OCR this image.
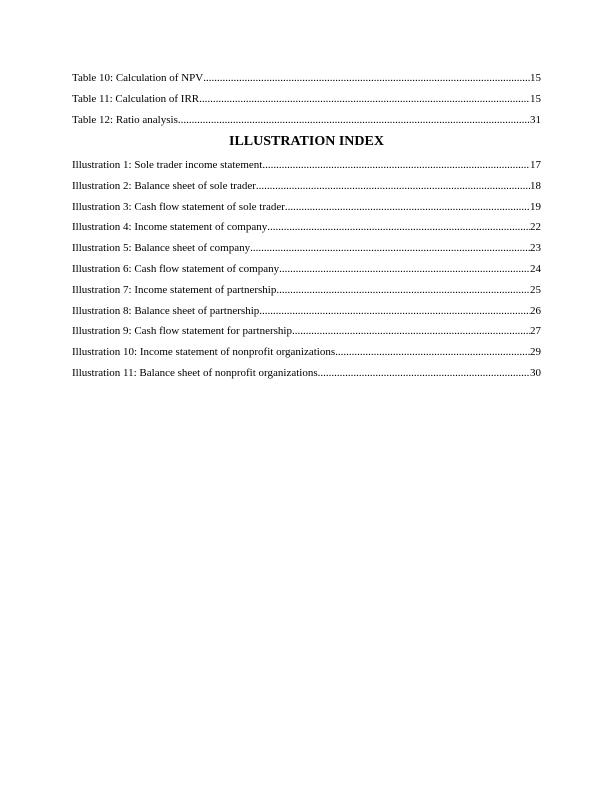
Table 10: Calculation of NPV .....	15
Table 11: Calculation of IRR .....	15
Table 12: Ratio analysis .....	31
ILLUSTRATION INDEX
Illustration 1: Sole trader income statement .....	17
Illustration 2: Balance sheet of sole trader .....	18
Illustration 3: Cash flow statement of sole trader .....	19
Illustration 4: Income statement of company .....	22
Illustration 5: Balance sheet of company .....	23
Illustration 6: Cash flow statement of company .....	24
Illustration 7: Income statement of partnership .....	25
Illustration 8: Balance sheet of partnership .....	26
Illustration 9: Cash flow statement for partnership .....	27
Illustration 10: Income statement of nonprofit organizations .....	29
Illustration 11: Balance sheet of nonprofit organizations .....	30
